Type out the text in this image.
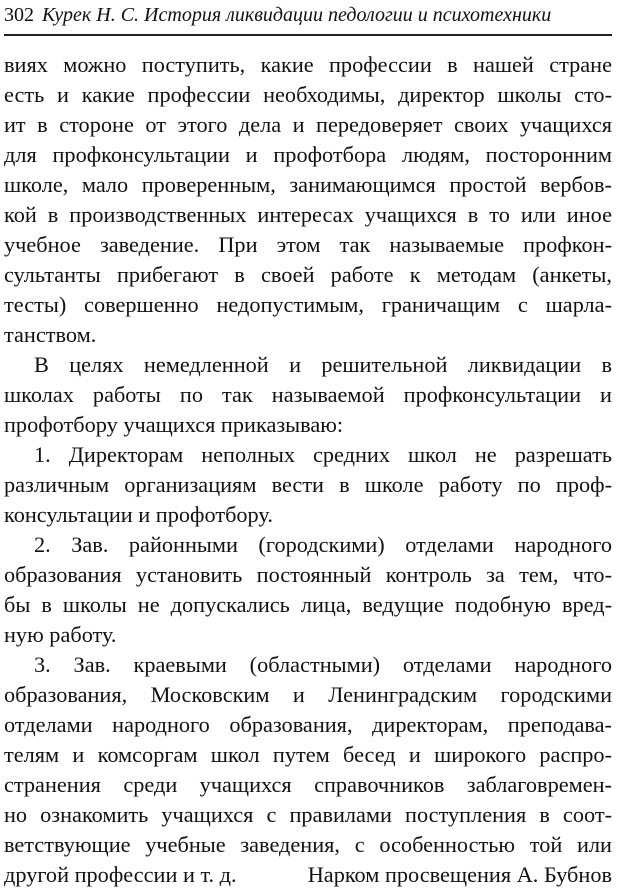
302 Курек Н. С. История ликвидации педологии и психотехники
виях можно поступить, какие профессии в нашей стране
есть и какие профессии необходимы, директор школы сто-
ит в стороне от этого дела и передоверяет своих учащихся
для профконсультации и профотбора людям, посторонним
школе, мало проверенным, занимающимся простой вербов-
кой в производственных интересах учащихся в то или иное
учебное заведение. При этом так называемые профкон-
сультанты прибегают в своей работе к методам (анкеты,
тесты) совершенно недопустимым, граничащим с шарла-
танством.
В целях немедленной и решительной ликвидации в
школах работы по так называемой профконсультации и
профотбору учащихся приказываю:
1. Директорам неполных средних школ не разрешать
различным организациям вести в школе работу по проф-
консультации и профотбору.
2. Зав. районными (городскими) отделами народного
образования установить постоянный контроль за тем, что-
бы в школы не допускались лица, ведущие подобную вред-
ную работу.
3. Зав. краевыми (областными) отделами народного
образования, Московским и Ленинградским городскими
отделами народного образования, директорам, преподава-
телям и комсоргам школ путем бесед и широкого распро-
странения среди учащихся справочников заблаговремен-
но ознакомить учащихся с правилами поступления в соот-
ветствующие учебные заведения, с особенностью той или
другой профессии и т. д.	Нарком просвещения А. Бубнов
